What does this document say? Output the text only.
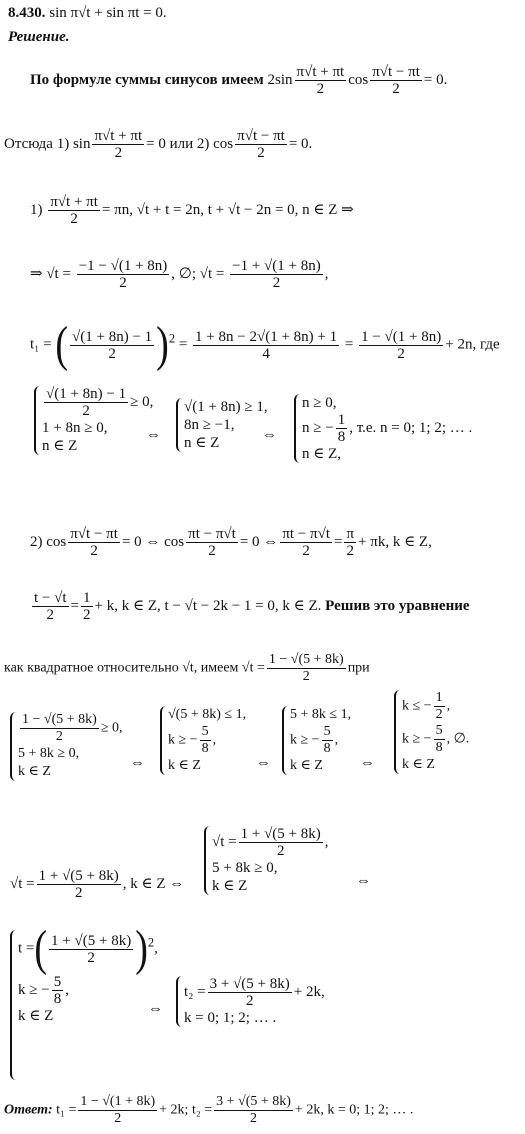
8.430. sin π√t + sin πt = 0.
Решение.
По формуле суммы синусов имеем $2\sin \frac{\pi√t + \pi t}{2}$ $\cos \frac{\pi√t - \pi t}{2} = 0$.
Отсюда 1) $\sin \frac{\pi√t + \pi t}{2} = 0$ или 2) $\cos \frac{\pi√t - \pi t}{2} = 0$.
$1) \frac{\pi√t + \pi t}{2} = \pi n$, √t + t = 2n, t + √t − 2n = 0, n ∈ Z ⇒
⇒ $√t = \frac{-1 - √(1 + 8n)}{2}$ , ∅; $√t = \frac{-1 + √(1 + 8n)}{2}$ ,
t₁ = ( $\frac{√(1 + 8n) - 1}{2} )^2 = \frac{1 + 8n - 2√(1 + 8n) + 1}{4} = \frac{1 - √(1 + 8n)}{2} + 2n$, где
$\frac{√(1 + 8n) - 1}{2} \ge 0$,
1 + 8n ≥ 0,
n ∈ Z
⇔
√(1 + 8n) ≥ 1,
8n ≥ −1,
n ∈ Z	⇔
n ≥ 0,
n ≥ − $\frac{1}{8}$ , т.е. n = 0; 1; 2; … .
n ∈ Z,
2) $\cos \frac{\pi√t - \pi t}{2} = 0$ ⇔ $\cos \frac{\pi t - \pi√t}{2} = 0$ ⇔ $\frac{\pi t - \pi√t}{2} = \frac{\pi}{2} + \pi k$, k ∈ Z,
$\frac{t - √t}{2} = \frac{1}{2} + k$, k ∈ Z, t − √t − 2k − 1 = 0, k ∈ Z. Решив это уравнение
как квадратное относительно √t, имеем $√t = \frac{1 - √(5 + 8k)}{2}$ при
$\frac{1 - √(5 + 8k)}{2} \ge 0$,
5 + 8k ≥ 0,
k ∈ Z
⇔
√(5 + 8k) ≤ 1,
k ≥ − $\frac{5}{8}$ ,
k ∈ Z	⇔
5 + 8k ≤ 1,
k ≥ − $\frac{5}{8}$ ,
k ∈ Z	⇔
k ≤ − $\frac{1}{2}$ ,
k ≥ − $\frac{5}{8}$ , ∅.
k ∈ Z
$√t = \frac{1 + √(5 + 8k)}{2}$ , k ∈ Z ⇔
$√t = \frac{1 + √(5 + 8k)}{2}$ ,
5 + 8k ≥ 0,
k ∈ Z	⇔
t =( $\frac{1 + √(5 + 8k)}{2} )^2$,
k ≥ − $\frac{5}{8}$ ,
k ∈ Z	⇔
$t_2 = \frac{3 + √(5 + 8k)}{2} + 2k$,
k = 0; 1; 2; … .
Ответ: $t_1 = \frac{1 - √(1 + 8k)}{2} + 2k$; $t_2 = \frac{3 + √(5 + 8k)}{2} + 2k$, k = 0; 1; 2; … .
